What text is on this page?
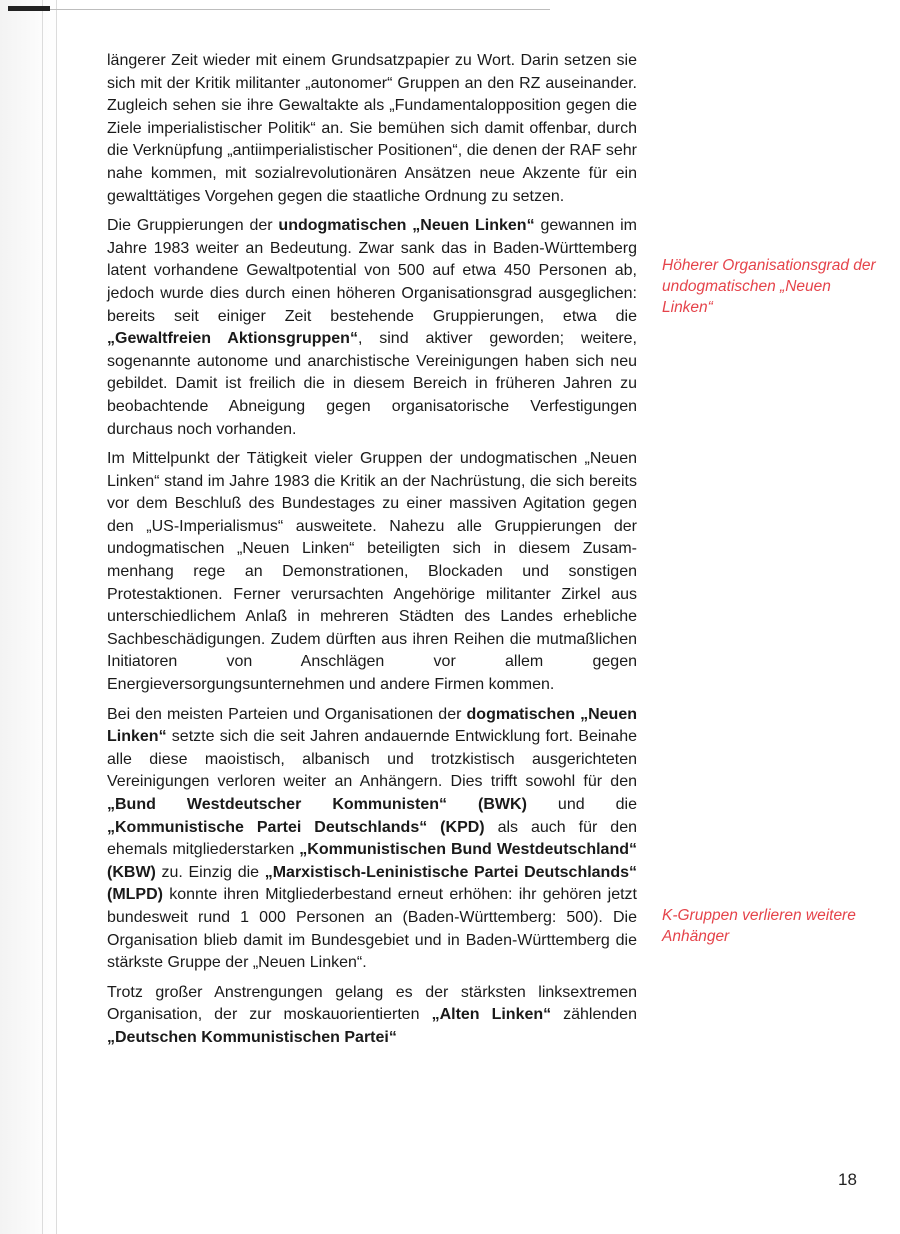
längerer Zeit wieder mit einem Grundsatzpapier zu Wort. Darin setzen sie sich mit der Kritik militanter „autonomer“ Gruppen an den RZ auseinander. Zugleich sehen sie ihre Gewaltakte als „Fundamentalopposition gegen die Ziele imperialistischer Politik“ an. Sie bemühen sich damit offenbar, durch die Verknüpfung „antiimperialistischer Positionen“, die denen der RAF sehr nahe kommen, mit sozialrevolutionären Ansätzen neue Akzente für ein gewalttätiges Vorgehen gegen die staatliche Ordnung zu setzen.

Die Gruppierungen der undogmatischen „Neuen Linken“ gewannen im Jahre 1983 weiter an Bedeutung. Zwar sank das in Baden-Württemberg latent vorhandene Gewaltpotential von 500 auf etwa 450 Personen ab, jedoch wurde dies durch einen höheren Organisationsgrad ausgeglichen: bereits seit einiger Zeit bestehende Gruppierungen, etwa die „Gewaltfreien Aktionsgruppen“, sind aktiver geworden; weitere, sogenannte autonome und anarchistische Vereinigungen haben sich neu gebildet. Damit ist freilich die in diesem Bereich in früheren Jahren zu beobachtende Abneigung gegen organisatorische Verfestigungen durchaus noch vorhanden.

Im Mittelpunkt der Tätigkeit vieler Gruppen der undogmatischen „Neuen Linken“ stand im Jahre 1983 die Kritik an der Nachrüstung, die sich bereits vor dem Beschluß des Bundestages zu einer massiven Agitation gegen den „US-Imperialismus“ ausweitete. Nahezu alle Gruppierungen der undogmatischen „Neuen Linken“ beteiligten sich in diesem Zusammenhang rege an Demonstrationen, Blockaden und sonstigen Protestaktionen. Ferner verursachten Angehörige militanter Zirkel aus unterschiedlichem Anlaß in mehreren Städten des Landes erhebliche Sachbeschädigungen. Zudem dürften aus ihren Reihen die mutmaßlichen Initiatoren von Anschlägen vor allem gegen Energieversorgungsunternehmen und andere Firmen kommen.

Bei den meisten Parteien und Organisationen der dogmatischen „Neuen Linken“ setzte sich die seit Jahren andauernde Entwicklung fort. Beinahe alle diese maoistisch, albanisch und trotzkistisch ausgerichteten Vereinigungen verloren weiter an Anhängern. Dies trifft sowohl für den „Bund Westdeutscher Kommunisten“ (BWK) und die „Kommunistische Partei Deutschlands“ (KPD) als auch für den ehemals mitgliederstarken „Kommunistischen Bund Westdeutschland“ (KBW) zu. Einzig die „Marxistisch-Leninistische Partei Deutschlands“ (MLPD) konnte ihren Mitgliederbestand erneut erhöhen: ihr gehören jetzt bundesweit rund 1 000 Personen an (Baden-Württemberg: 500). Die Organisation blieb damit im Bundesgebiet und in Baden-Württemberg die stärkste Gruppe der „Neuen Linken“.

Trotz großer Anstrengungen gelang es der stärksten linksextremen Organisation, der zur moskauorientierten „Alten Linken“ zählenden „Deutschen Kommunistischen Partei“

Höherer Organisationsgrad der undogmatischen „Neuen Linken“
K-Gruppen verlieren weitere Anhänger
18
